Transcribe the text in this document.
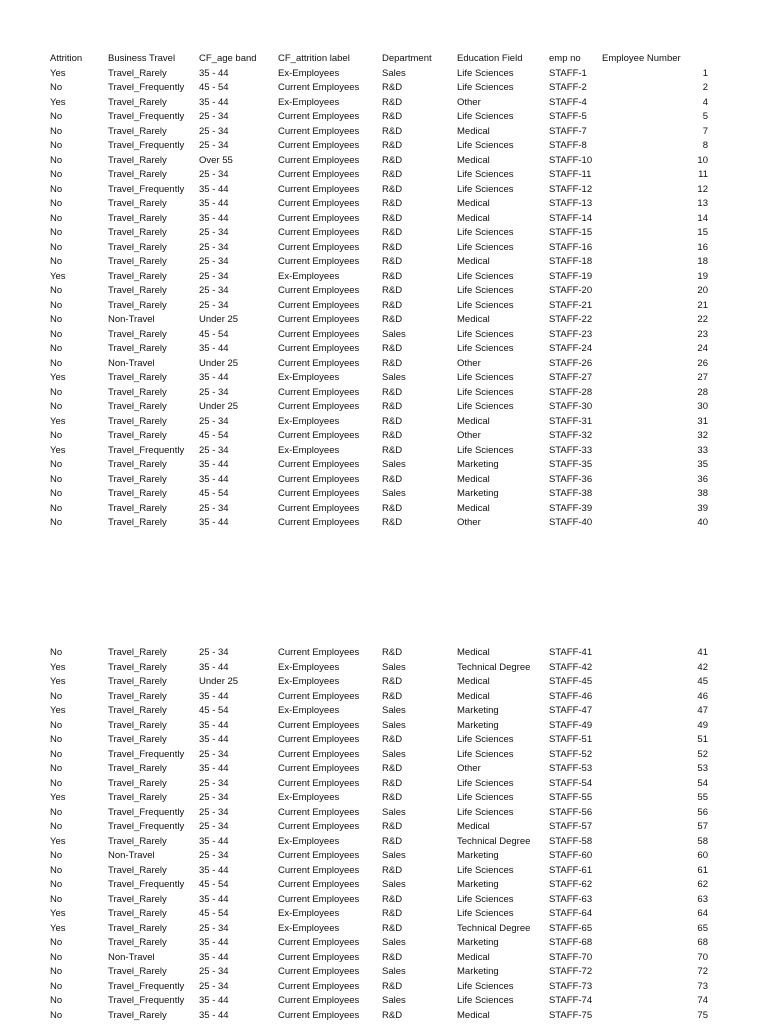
Attrition	Business Travel	CF_age band CF_attrition label	Department	Education Field	emp no Employee Number
Yes	Travel_Rarely	35 - 44	Ex-Employees	Sales	Life Sciences	STAFF-1	1
No	Travel_Frequently 45 - 54	Current Employees R&D	Life Sciences	STAFF-2	2
Yes	Travel_Rarely	35 - 44	Ex-Employees	R&D	Other	STAFF-4	4
No	Travel_Frequently 25 - 34	Current Employees R&D	Life Sciences	STAFF-5	5
No	Travel_Rarely	25 - 34	Current Employees R&D	Medical	STAFF-7	7
No	Travel_Frequently 25 - 34	Current Employees R&D	Life Sciences	STAFF-8	8
No	Travel_Rarely	Over 55	Current Employees R&D	Medical	STAFF-10	10
No	Travel_Rarely	25 - 34	Current Employees R&D	Life Sciences	STAFF-11	11
No	Travel_Frequently 35 - 44	Current Employees R&D	Life Sciences	STAFF-12	12
No	Travel_Rarely	35 - 44	Current Employees R&D	Medical	STAFF-13	13
No	Travel_Rarely	35 - 44	Current Employees R&D	Medical	STAFF-14	14
No	Travel_Rarely	25 - 34	Current Employees R&D	Life Sciences	STAFF-15	15
No	Travel_Rarely	25 - 34	Current Employees R&D	Life Sciences	STAFF-16	16
No	Travel_Rarely	25 - 34	Current Employees R&D	Medical	STAFF-18	18
Yes	Travel_Rarely	25 - 34	Ex-Employees	R&D	Life Sciences	STAFF-19	19
No	Travel_Rarely	25 - 34	Current Employees R&D	Life Sciences	STAFF-20	20
No	Travel_Rarely	25 - 34	Current Employees R&D	Life Sciences	STAFF-21	21
No	Non-Travel	Under 25	Current Employees R&D	Medical	STAFF-22	22
No	Travel_Rarely	45 - 54	Current Employees Sales	Life Sciences	STAFF-23	23
No	Travel_Rarely	35 - 44	Current Employees R&D	Life Sciences	STAFF-24	24
No	Non-Travel	Under 25	Current Employees R&D	Other	STAFF-26	26
Yes	Travel_Rarely	35 - 44	Ex-Employees	Sales	Life Sciences	STAFF-27	27
No	Travel_Rarely	25 - 34	Current Employees R&D	Life Sciences	STAFF-28	28
No	Travel_Rarely	Under 25	Current Employees R&D	Life Sciences	STAFF-30	30
Yes	Travel_Rarely	25 - 34	Ex-Employees	R&D	Medical	STAFF-31	31
No	Travel_Rarely	45 - 54	Current Employees R&D	Other	STAFF-32	32
Yes	Travel_Frequently 25 - 34	Ex-Employees	R&D	Life Sciences	STAFF-33	33
No	Travel_Rarely	35 - 44	Current Employees Sales	Marketing	STAFF-35	35
No	Travel_Rarely	35 - 44	Current Employees R&D	Medical	STAFF-36	36
No	Travel_Rarely	45 - 54	Current Employees Sales	Marketing	STAFF-38	38
No	Travel_Rarely	25 - 34	Current Employees R&D	Medical	STAFF-39	39
No	Travel_Rarely	35 - 44	Current Employees R&D	Other	STAFF-40	40
No	Travel_Rarely	25 - 34	Current Employees R&D	Medical	STAFF-41	41
Yes	Travel_Rarely	35 - 44	Ex-Employees	Sales	Technical Degree STAFF-42	42
Yes	Travel_Rarely	Under 25	Ex-Employees	R&D	Medical	STAFF-45	45
No	Travel_Rarely	35 - 44	Current Employees R&D	Medical	STAFF-46	46
Yes	Travel_Rarely	45 - 54	Ex-Employees	Sales	Marketing	STAFF-47	47
No	Travel_Rarely	35 - 44	Current Employees Sales	Marketing	STAFF-49	49
No	Travel_Rarely	35 - 44	Current Employees R&D	Life Sciences	STAFF-51	51
No	Travel_Frequently 25 - 34	Current Employees Sales	Life Sciences	STAFF-52	52
No	Travel_Rarely	35 - 44	Current Employees R&D	Other	STAFF-53	53
No	Travel_Rarely	25 - 34	Current Employees R&D	Life Sciences	STAFF-54	54
Yes	Travel_Rarely	25 - 34	Ex-Employees	R&D	Life Sciences	STAFF-55	55
No	Travel_Frequently 25 - 34	Current Employees Sales	Life Sciences	STAFF-56	56
No	Travel_Frequently 25 - 34	Current Employees R&D	Medical	STAFF-57	57
Yes	Travel_Rarely	35 - 44	Ex-Employees	R&D	Technical Degree STAFF-58	58
No	Non-Travel	25 - 34	Current Employees Sales	Marketing	STAFF-60	60
No	Travel_Rarely	35 - 44	Current Employees R&D	Life Sciences	STAFF-61	61
No	Travel_Frequently 45 - 54	Current Employees Sales	Marketing	STAFF-62	62
No	Travel_Rarely	35 - 44	Current Employees R&D	Life Sciences	STAFF-63	63
Yes	Travel_Rarely	45 - 54	Ex-Employees	R&D	Life Sciences	STAFF-64	64
Yes	Travel_Rarely	25 - 34	Ex-Employees	R&D	Technical Degree STAFF-65	65
No	Travel_Rarely	35 - 44	Current Employees Sales	Marketing	STAFF-68	68
No	Non-Travel	35 - 44	Current Employees R&D	Medical	STAFF-70	70
No	Travel_Rarely	25 - 34	Current Employees Sales	Marketing	STAFF-72	72
No	Travel_Frequently 25 - 34	Current Employees R&D	Life Sciences	STAFF-73	73
No	Travel_Frequently 35 - 44	Current Employees Sales	Life Sciences	STAFF-74	74
No	Travel_Rarely	35 - 44	Current Employees R&D	Medical	STAFF-75	75
